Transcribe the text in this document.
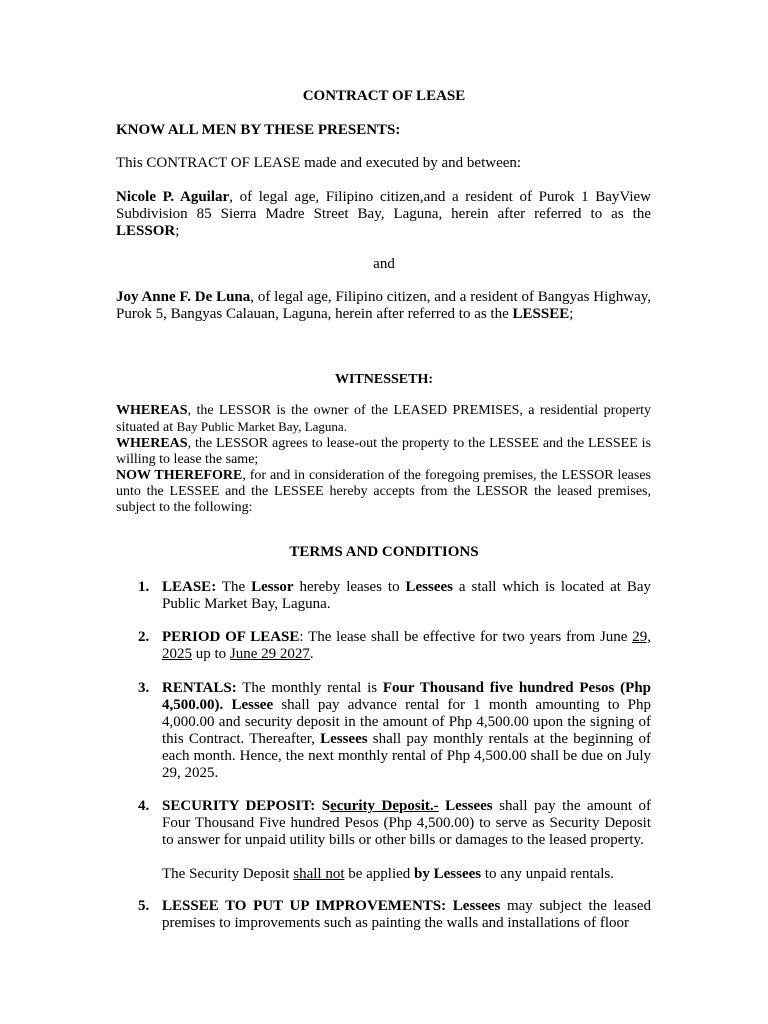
CONTRACT OF LEASE

KNOW ALL MEN BY THESE PRESENTS:

This CONTRACT OF LEASE made and executed by and between:

Nicole P. Aguilar, of legal age, Filipino citizen,and a resident of Purok 1 BayView Subdivision 85 Sierra Madre Street Bay, Laguna, herein after referred to as the LESSOR;

and

Joy Anne F. De Luna, of legal age, Filipino citizen, and a resident of Bangyas Highway, Purok 5, Bangyas Calauan, Laguna, herein after referred to as the LESSEE;

WITNESSETH:

WHEREAS, the LESSOR is the owner of the LEASED PREMISES, a residential property situated at Bay Public Market Bay, Laguna.

WHEREAS, the LESSOR agrees to lease-out the property to the LESSEE and the LESSEE is willing to lease the same;

NOW THEREFORE, for and in consideration of the foregoing premises, the LESSOR leases unto the LESSEE and the LESSEE hereby accepts from the LESSOR the leased premises, subject to the following:

TERMS AND CONDITIONS
1. LEASE: The Lessor hereby leases to Lessees a stall which is located at Bay Public Market Bay, Laguna.
2. PERIOD OF LEASE: The lease shall be effective for two years from June 29, 2025 up to June 29 2027.
3. RENTALS: The monthly rental is Four Thousand five hundred Pesos (Php 4,500.00). Lessee shall pay advance rental for 1 month amounting to Php 4,000.00 and security deposit in the amount of Php 4,500.00 upon the signing of this Contract. Thereafter, Lessees shall pay monthly rentals at the beginning of each month. Hence, the next monthly rental of Php 4,500.00 shall be due on July 29, 2025.
4. SECURITY DEPOSIT: Security Deposit.- Lessees shall pay the amount of Four Thousand Five hundred Pesos (Php 4,500.00) to serve as Security Deposit to answer for unpaid utility bills or other bills or damages to the leased property.
The Security Deposit shall not be applied by Lessees to any unpaid rentals.
5. LESSEE TO PUT UP IMPROVEMENTS: Lessees may subject the leased premises to improvements such as painting the walls and installations of floor
